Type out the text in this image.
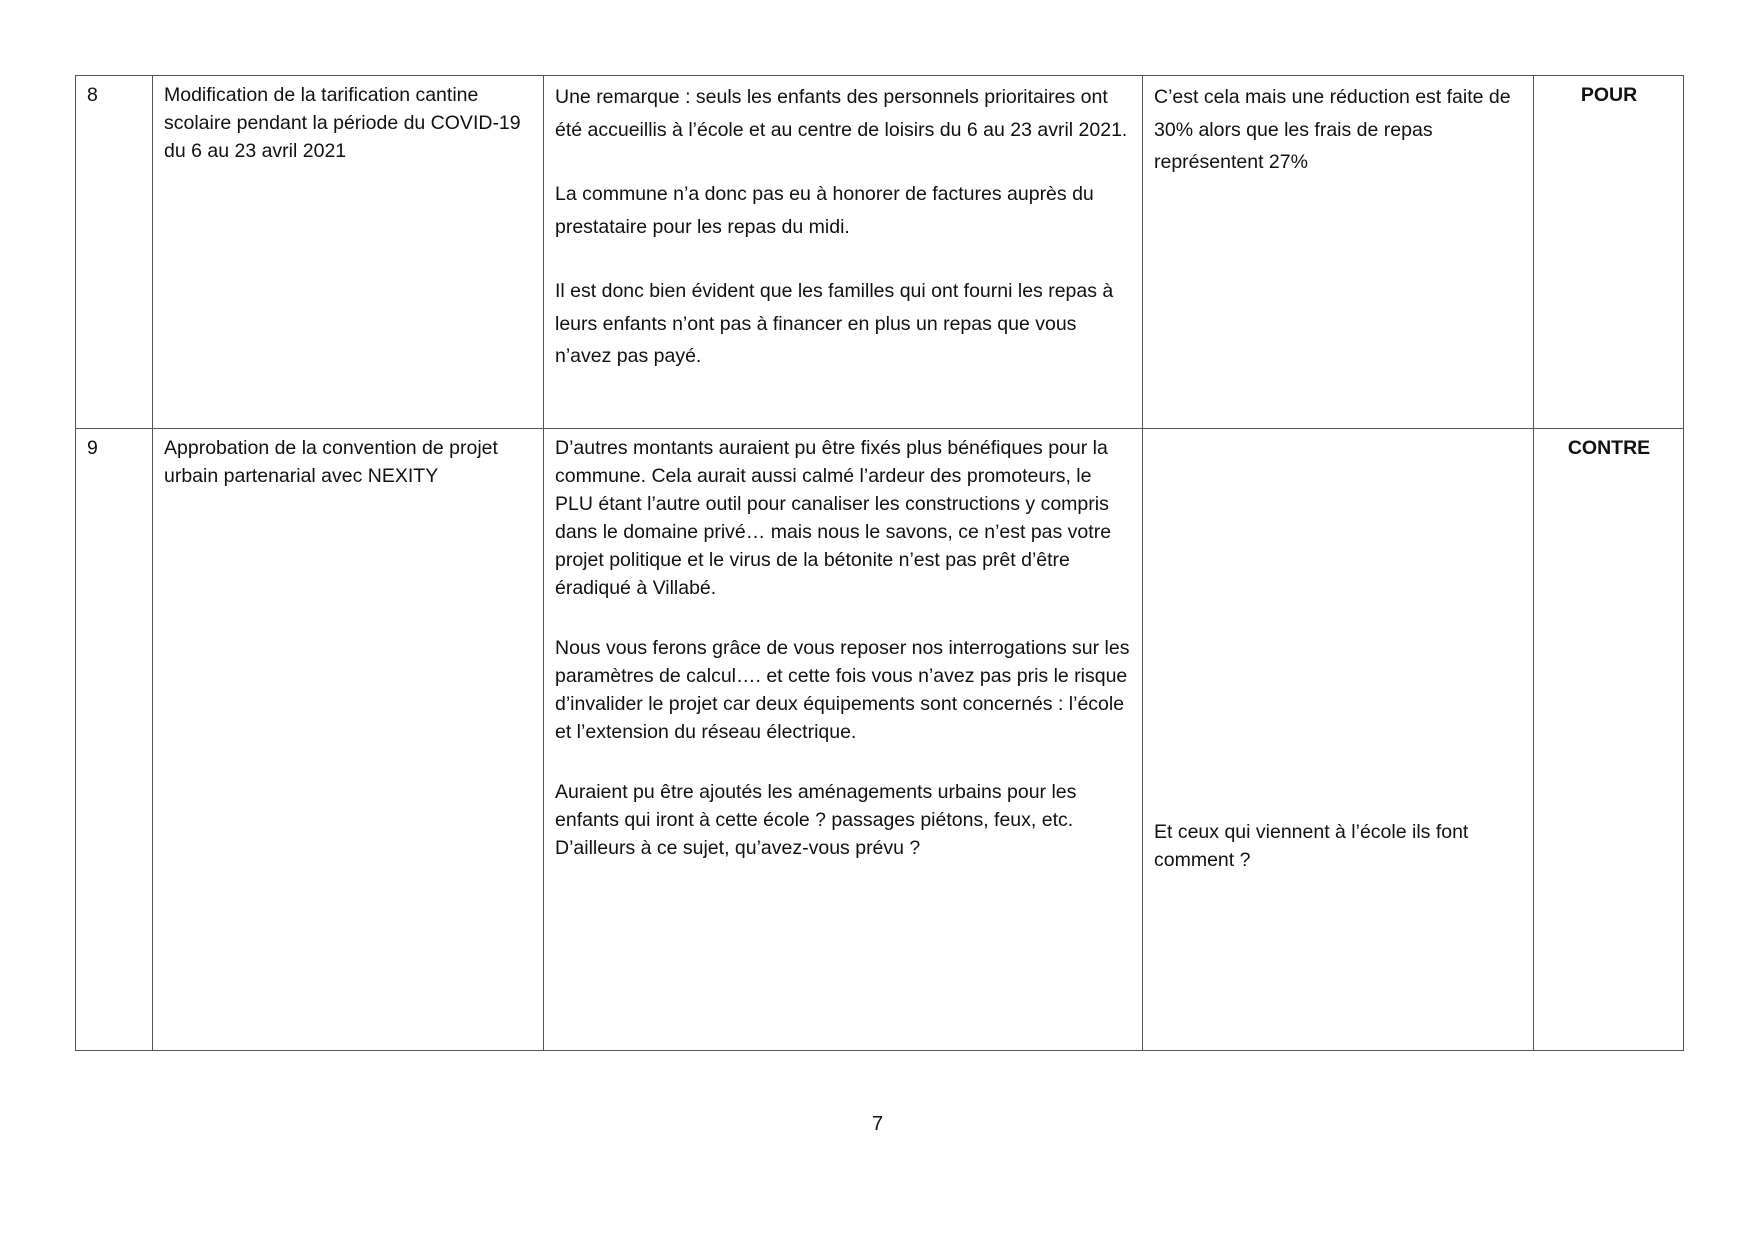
8	Modification de la tarification cantine scolaire pendant la période du COVID-19 du 6 au 23 avril 2021	Une remarque : seuls les enfants des personnels prioritaires ont été accueillis à l’école et au centre de loisirs du 6 au 23 avril 2021.
La commune n’a donc pas eu à honorer de factures auprès du prestataire pour les repas du midi.
Il est donc bien évident que les familles qui ont fourni les repas à leurs enfants n’ont pas à financer en plus un repas que vous n’avez pas payé.	C’est cela mais une réduction est faite de 30% alors que les frais de repas représentent 27%	POUR
9	Approbation de la convention de projet urbain partenarial avec NEXITY	D’autres montants auraient pu être fixés plus bénéfiques pour la commune. Cela aurait aussi calmé l’ardeur des promoteurs, le PLU étant l’autre outil pour canaliser les constructions y compris dans le domaine privé… mais nous le savons, ce n’est pas votre projet politique et le virus de la bétonite n’est pas prêt d’être éradiqué à Villabé.
Nous vous ferons grâce de vous reposer nos interrogations sur les paramètres de calcul…. et cette fois vous n’avez pas pris le risque d’invalider le projet car deux équipements sont concernés : l’école et l’extension du réseau électrique.
Auraient pu être ajoutés les aménagements urbains pour les enfants qui iront à cette école ? passages piétons, feux, etc. D’ailleurs à ce sujet, qu’avez-vous prévu ?	Et ceux qui viennent à l’école ils font comment ?	CONTRE
7
